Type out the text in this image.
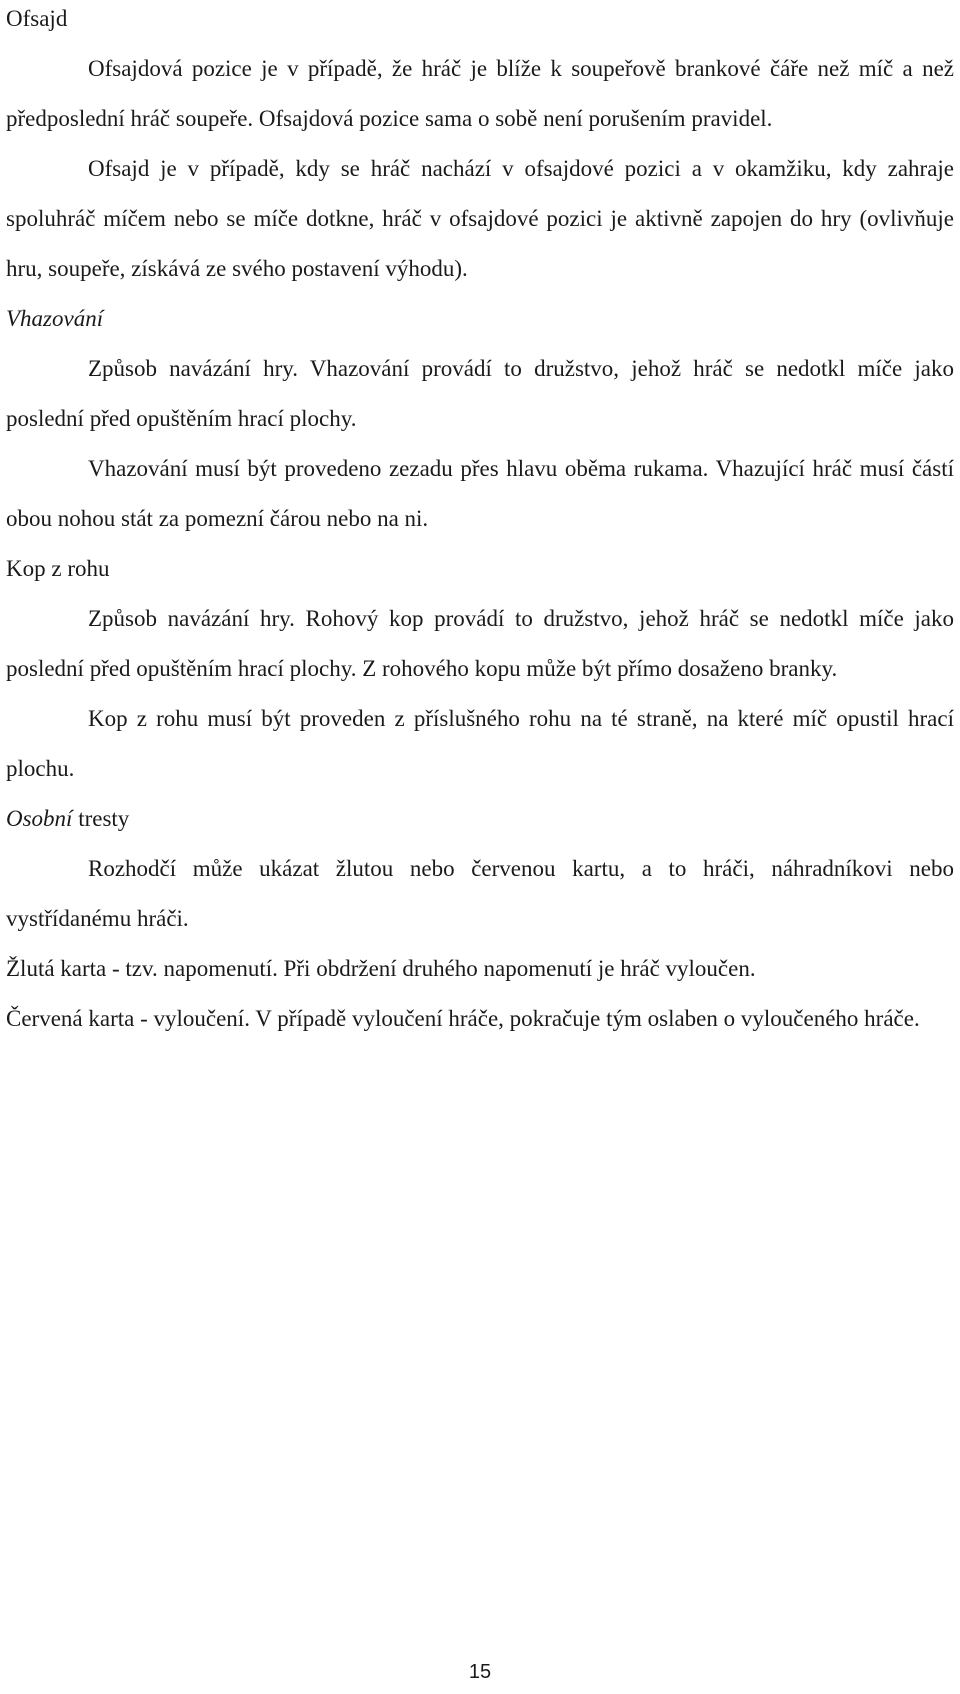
Ofsajd

Ofsajdová pozice je v případě, že hráč je blíže k soupeřově brankové čáře než míč a než předposlední hráč soupeře. Ofsajdová pozice sama o sobě není porušením pravidel.

Ofsajd je v případě, kdy se hráč nachází v ofsajdové pozici a v okamžiku, kdy zahraje spoluhráč míčem nebo se míče dotkne, hráč v ofsajdové pozici je aktivně zapojen do hry (ovlivňuje hru, soupeře, získává ze svého postavení výhodu).

Vhazování

Způsob navázání hry. Vhazování provádí to družstvo, jehož hráč se nedotkl míče jako poslední před opuštěním hrací plochy.

Vhazování musí být provedeno zezadu přes hlavu oběma rukama. Vhazující hráč musí částí obou nohou stát za pomezní čárou nebo na ni.

Kop z rohu

Způsob navázání hry. Rohový kop provádí to družstvo, jehož hráč se nedotkl míče jako poslední před opuštěním hrací plochy. Z rohového kopu může být přímo dosaženo branky.

Kop z rohu musí být proveden z příslušného rohu na té straně, na které míč opustil hrací plochu.

Osobní tresty

Rozhodčí může ukázat žlutou nebo červenou kartu, a to hráči, náhradníkovi nebo vystřídanému hráči.

Žlutá karta - tzv. napomenutí. Při obdržení druhého napomenutí je hráč vyloučen.

Červená karta - vyloučení. V případě vyloučení hráče, pokračuje tým oslaben o vyloučeného hráče.

15
